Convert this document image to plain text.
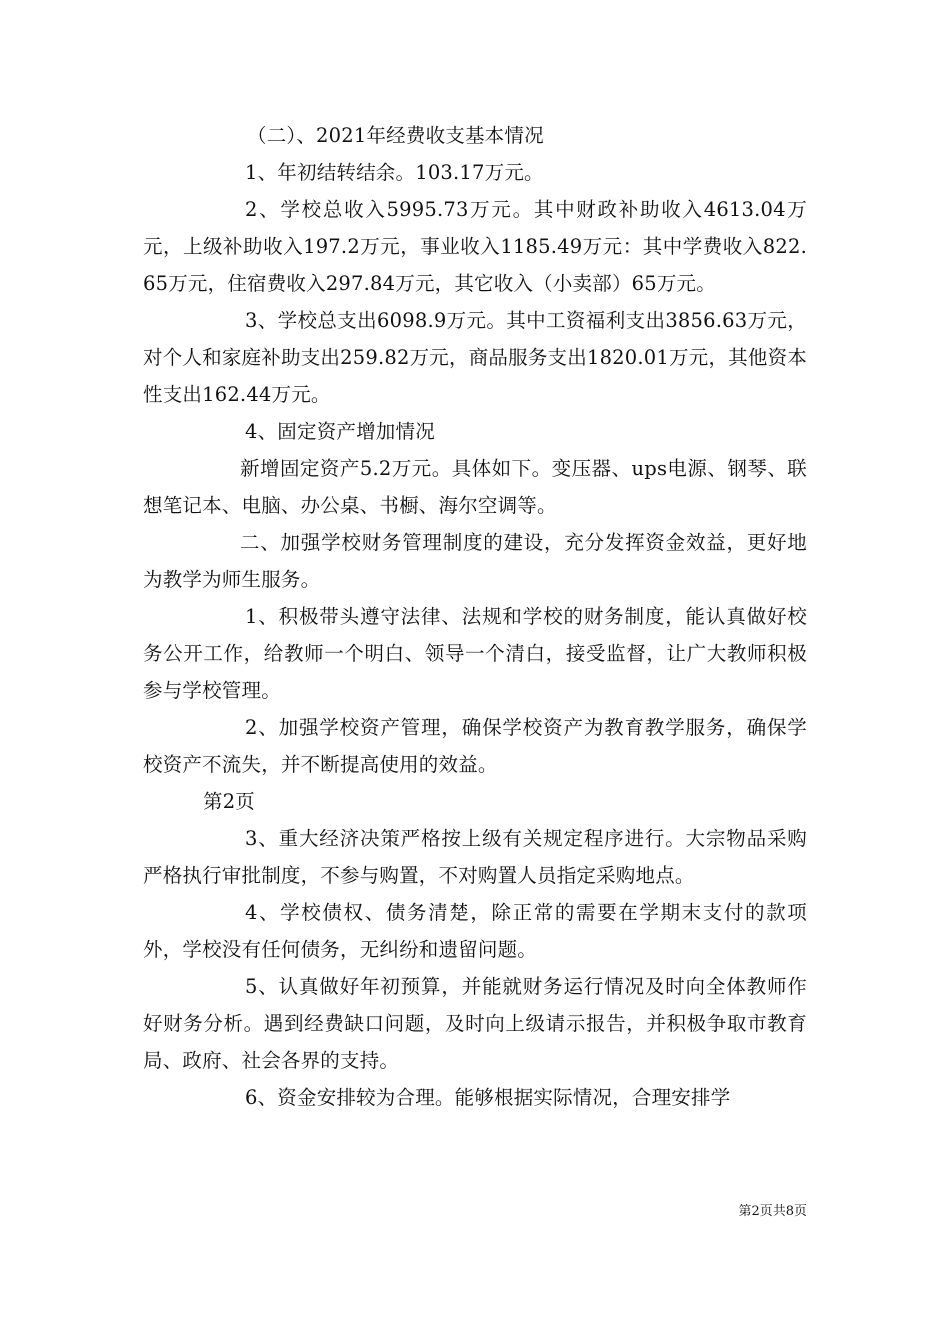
（二）、2021年经费收支基本情况

1、年初结转结余。103.17万元。

2、学校总收入5995.73万元。其中财政补助收入4613.04万元，上级补助收入197.2万元，事业收入1185.49万元：其中学费收入822.65万元，住宿费收入297.84万元，其它收入（小卖部）65万元。

3、学校总支出6098.9万元。其中工资福利支出3856.63万元，对个人和家庭补助支出259.82万元，商品服务支出1820.01万元，其他资本性支出162.44万元。

4、固定资产增加情况

新增固定资产5.2万元。具体如下。变压器、ups电源、钢琴、联想笔记本、电脑、办公桌、书橱、海尔空调等。

二、加强学校财务管理制度的建设，充分发挥资金效益，更好地为教学为师生服务。

1、积极带头遵守法律、法规和学校的财务制度，能认真做好校务公开工作，给教师一个明白、领导一个清白，接受监督，让广大教师积极参与学校管理。

2、加强学校资产管理，确保学校资产为教育教学服务，确保学校资产不流失，并不断提高使用的效益。

第2页

3、重大经济决策严格按上级有关规定程序进行。大宗物品采购严格执行审批制度，不参与购置，不对购置人员指定采购地点。

4、学校债权、债务清楚，除正常的需要在学期末支付的款项外，学校没有任何债务，无纠纷和遗留问题。

5、认真做好年初预算，并能就财务运行情况及时向全体教师作好财务分析。遇到经费缺口问题，及时向上级请示报告，并积极争取市教育局、政府、社会各界的支持。

6、资金安排较为合理。能够根据实际情况，合理安排学

第2页共8页
